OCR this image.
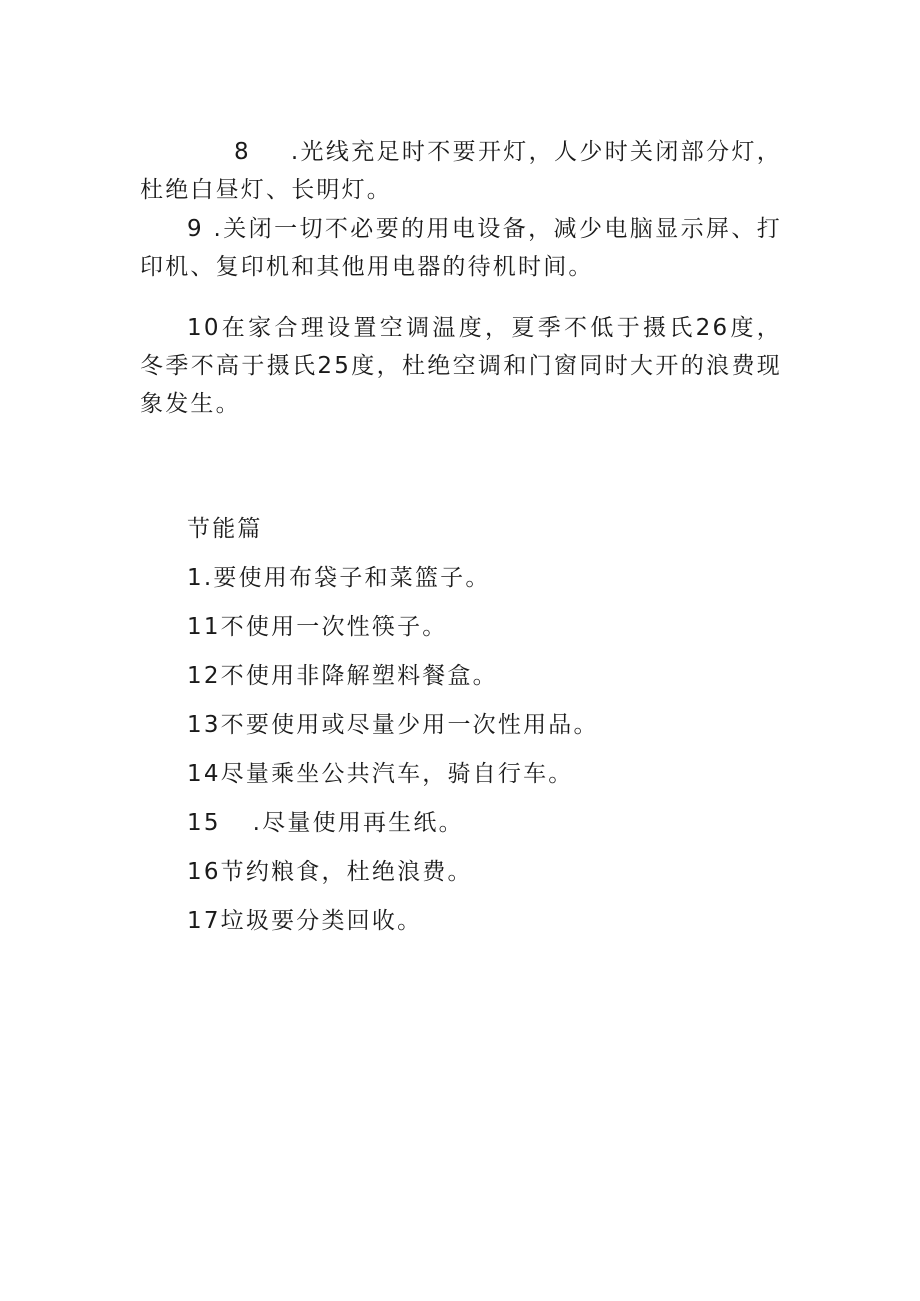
8 .光线充足时不要开灯，人少时关闭部分灯，杜绝白昼灯、长明灯。

9 .关闭一切不必要的用电设备，减少电脑显示屏、打印机、复印机和其他用电器的待机时间。

10在家合理设置空调温度，夏季不低于摄氏26度，冬季不高于摄氏25度，杜绝空调和门窗同时大开的浪费现象发生。

节能篇

1.要使用布袋子和菜篮子。

11不使用一次性筷子。

12不使用非降解塑料餐盒。

13不要使用或尽量少用一次性用品。

14尽量乘坐公共汽车，骑自行车。

15 .尽量使用再生纸。

16节约粮食，杜绝浪费。

17垃圾要分类回收。
